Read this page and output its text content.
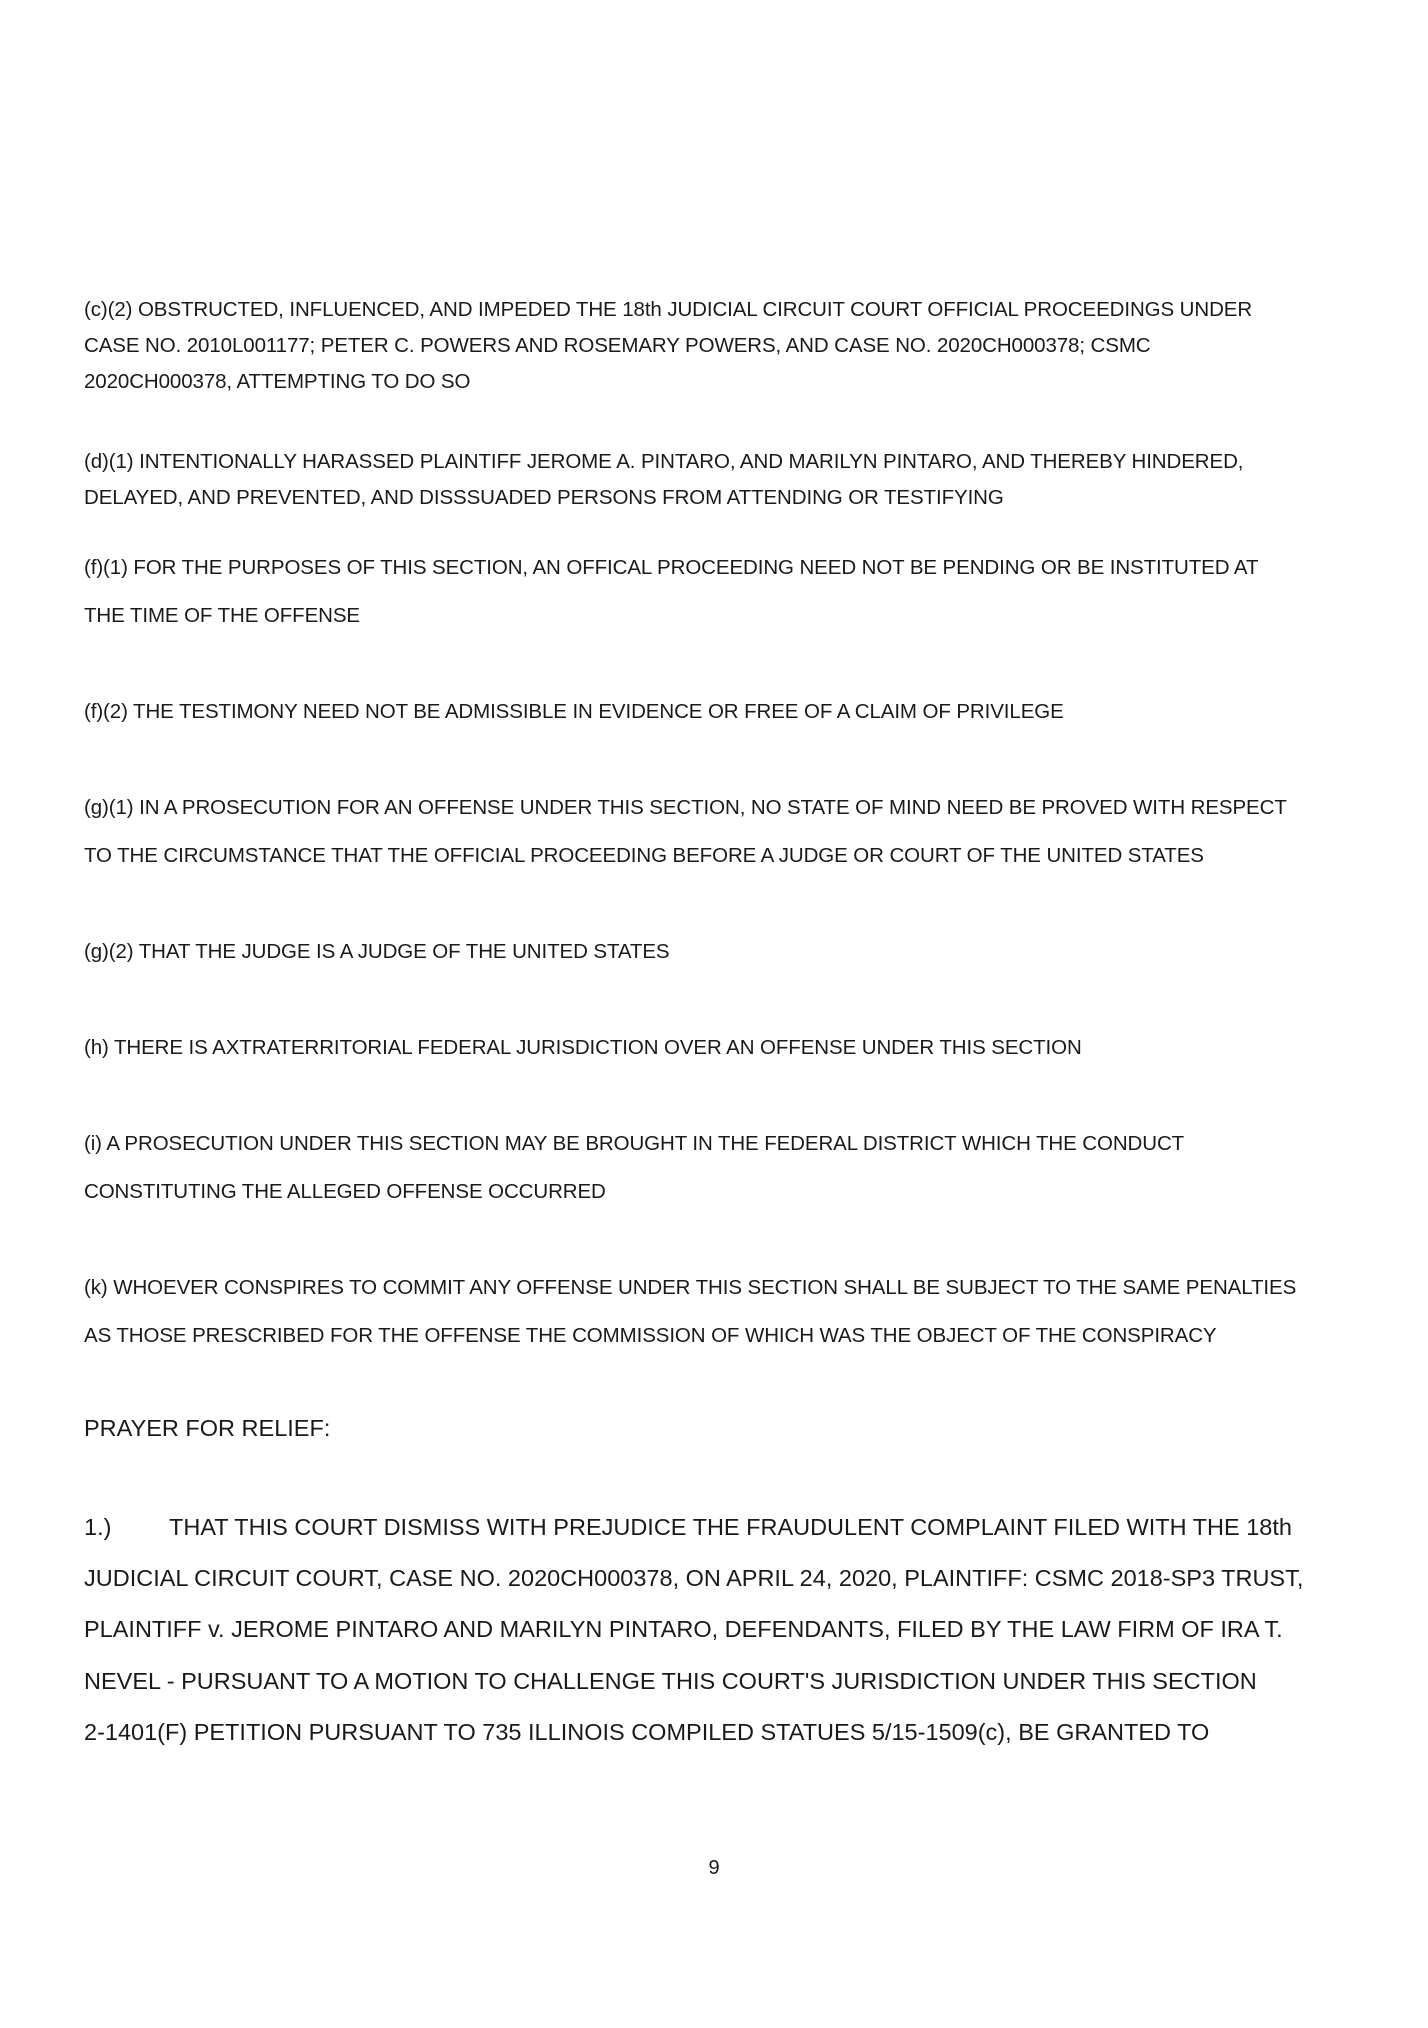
(c)(2) OBSTRUCTED, INFLUENCED, AND IMPEDED THE 18th JUDICIAL CIRCUIT COURT OFFICIAL PROCEEDINGS UNDER
CASE NO. 2010L001177; PETER C. POWERS AND ROSEMARY POWERS, AND CASE NO. 2020CH000378; CSMC
2020CH000378, ATTEMPTING TO DO SO

(d)(1) INTENTIONALLY HARASSED PLAINTIFF JEROME A. PINTARO, AND MARILYN PINTARO, AND THEREBY HINDERED,
DELAYED, AND PREVENTED, AND DISSSUADED PERSONS FROM ATTENDING OR TESTIFYING

(f)(1) FOR THE PURPOSES OF THIS SECTION, AN OFFICAL PROCEEDING NEED NOT BE PENDING OR BE INSTITUTED AT
THE TIME OF THE OFFENSE

(f)(2) THE TESTIMONY NEED NOT BE ADMISSIBLE IN EVIDENCE OR FREE OF A CLAIM OF PRIVILEGE

(g)(1) IN A PROSECUTION FOR AN OFFENSE UNDER THIS SECTION, NO STATE OF MIND NEED BE PROVED WITH RESPECT
TO THE CIRCUMSTANCE THAT THE OFFICIAL PROCEEDING BEFORE A JUDGE OR COURT OF THE UNITED STATES

(g)(2) THAT THE JUDGE IS A JUDGE OF THE UNITED STATES

(h) THERE IS AXTRATERRITORIAL FEDERAL JURISDICTION OVER AN OFFENSE UNDER THIS SECTION

(i) A PROSECUTION UNDER THIS SECTION MAY BE BROUGHT IN THE FEDERAL DISTRICT WHICH THE CONDUCT
CONSTITUTING THE ALLEGED OFFENSE OCCURRED

(k) WHOEVER CONSPIRES TO COMMIT ANY OFFENSE UNDER THIS SECTION SHALL BE SUBJECT TO THE SAME PENALTIES
AS THOSE PRESCRIBED FOR THE OFFENSE THE COMMISSION OF WHICH WAS THE OBJECT OF THE CONSPIRACY

PRAYER FOR RELIEF:

1.) THAT THIS COURT DISMISS WITH PREJUDICE THE FRAUDULENT COMPLAINT FILED WITH THE 18th
JUDICIAL CIRCUIT COURT, CASE NO. 2020CH000378, ON APRIL 24, 2020, PLAINTIFF: CSMC 2018-SP3 TRUST,
PLAINTIFF v. JEROME PINTARO AND MARILYN PINTARO, DEFENDANTS, FILED BY THE LAW FIRM OF IRA T.
NEVEL - PURSUANT TO A MOTION TO CHALLENGE THIS COURT'S JURISDICTION UNDER THIS SECTION
2-1401(F) PETITION PURSUANT TO 735 ILLINOIS COMPILED STATUES 5/15-1509(c), BE GRANTED TO

9
